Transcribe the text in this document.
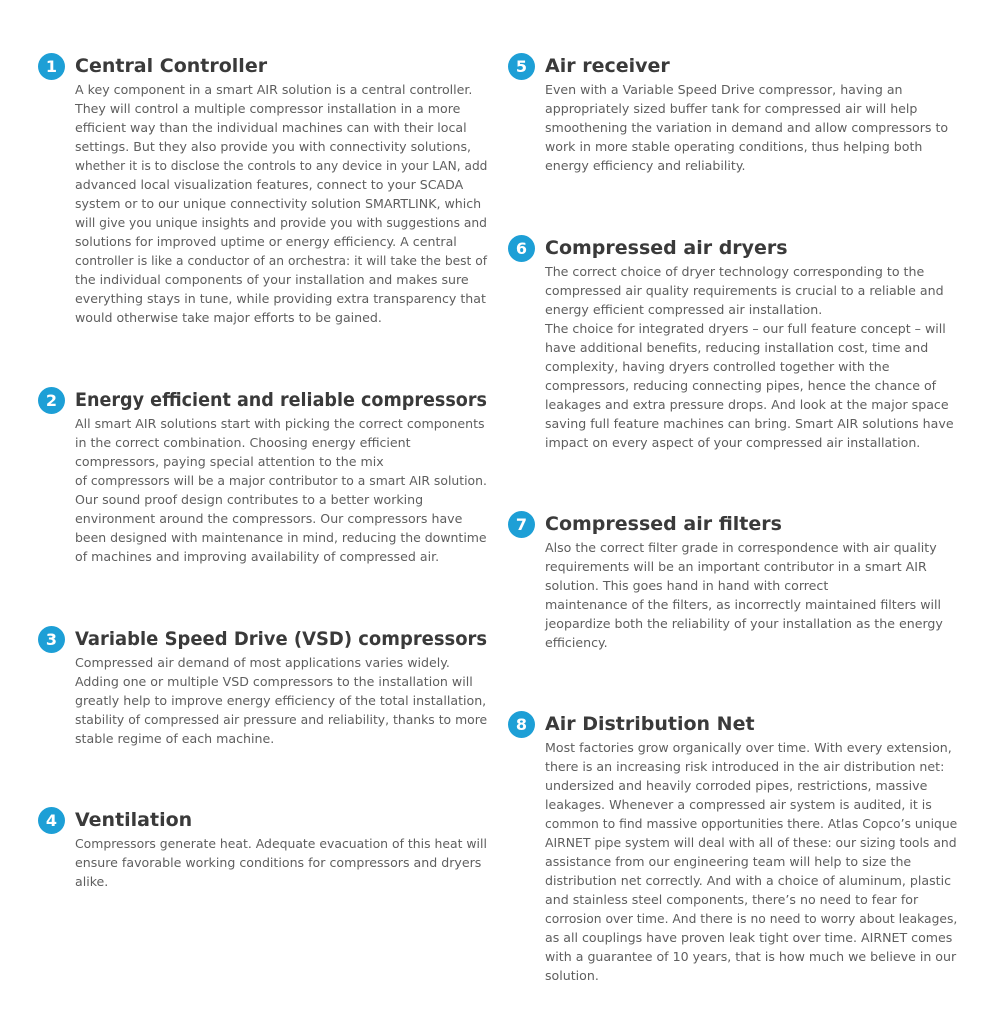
1 Central Controller
A key component in a smart AIR solution is a central controller.
They will control a multiple compressor installation in a more
efficient way than the individual machines can with their local
settings. But they also provide you with connectivity solutions,
whether it is to disclose the controls to any device in your LAN, add
advanced local visualization features, connect to your SCADA
system or to our unique connectivity solution SMARTLINK, which
will give you unique insights and provide you with suggestions and
solutions for improved uptime or energy efficiency. A central
controller is like a conductor of an orchestra: it will take the best of
the individual components of your installation and makes sure
everything stays in tune, while providing extra transparency that
would otherwise take major efforts to be gained.
2 Energy efficient and reliable compressors
All smart AIR solutions start with picking the correct components
in the correct combination. Choosing energy efficient
compressors, paying special attention to the mix
of compressors will be a major contributor to a smart AIR solution.
Our sound proof design contributes to a better working
environment around the compressors. Our compressors have
been designed with maintenance in mind, reducing the downtime
of machines and improving availability of compressed air.
3 Variable Speed Drive (VSD) compressors
Compressed air demand of most applications varies widely.
Adding one or multiple VSD compressors to the installation will
greatly help to improve energy efficiency of the total installation,
stability of compressed air pressure and reliability, thanks to more
stable regime of each machine.
4 Ventilation
Compressors generate heat. Adequate evacuation of this heat will
ensure favorable working conditions for compressors and dryers
alike.
5 Air receiver
Even with a Variable Speed Drive compressor, having an
appropriately sized buffer tank for compressed air will help
smoothening the variation in demand and allow compressors to
work in more stable operating conditions, thus helping both
energy efficiency and reliability.
6 Compressed air dryers
The correct choice of dryer technology corresponding to the
compressed air quality requirements is crucial to a reliable and
energy efficient compressed air installation.
The choice for integrated dryers – our full feature concept – will
have additional benefits, reducing installation cost, time and
complexity, having dryers controlled together with the
compressors, reducing connecting pipes, hence the chance of
leakages and extra pressure drops. And look at the major space
saving full feature machines can bring. Smart AIR solutions have
impact on every aspect of your compressed air installation.
7 Compressed air filters
Also the correct filter grade in correspondence with air quality
requirements will be an important contributor in a smart AIR
solution. This goes hand in hand with correct
maintenance of the filters, as incorrectly maintained filters will
jeopardize both the reliability of your installation as the energy
efficiency.
8 Air Distribution Net
Most factories grow organically over time. With every extension,
there is an increasing risk introduced in the air distribution net:
undersized and heavily corroded pipes, restrictions, massive
leakages. Whenever a compressed air system is audited, it is
common to find massive opportunities there. Atlas Copco’s unique
AIRNET pipe system will deal with all of these: our sizing tools and
assistance from our engineering team will help to size the
distribution net correctly. And with a choice of aluminum, plastic
and stainless steel components, there’s no need to fear for
corrosion over time. And there is no need to worry about leakages,
as all couplings have proven leak tight over time. AIRNET comes
with a guarantee of 10 years, that is how much we believe in our
solution.
